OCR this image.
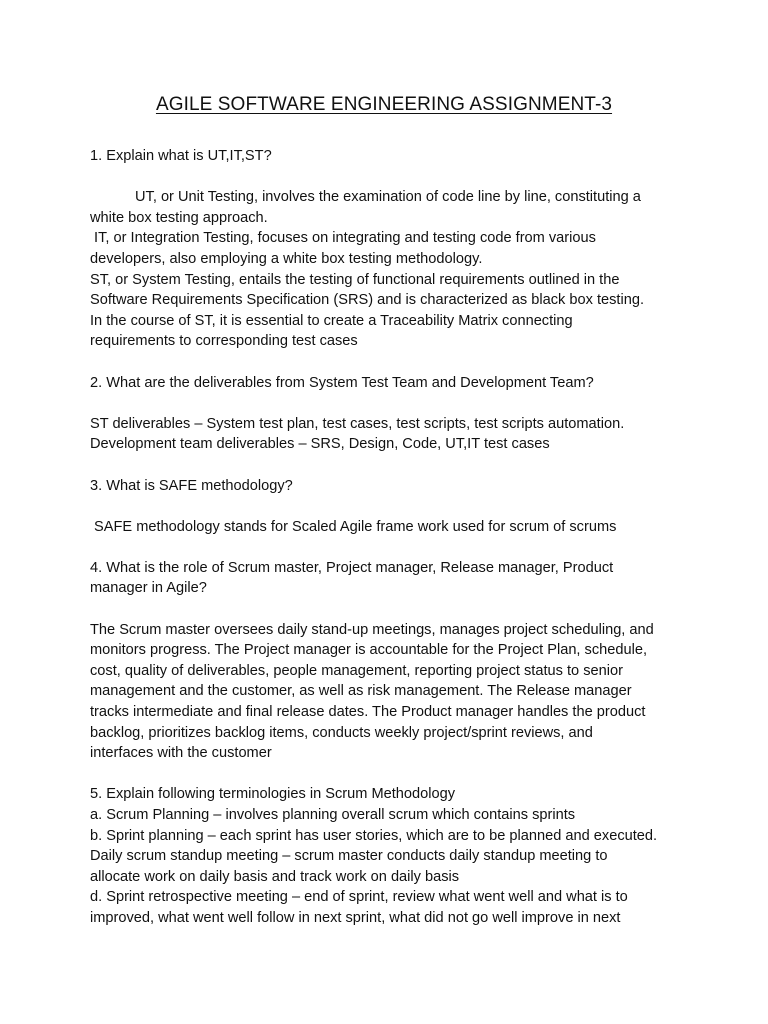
AGILE SOFTWARE ENGINEERING ASSIGNMENT-3

1. Explain what is UT,IT,ST?

UT, or Unit Testing, involves the examination of code line by line, constituting a

white box testing approach.

IT, or Integration Testing, focuses on integrating and testing code from various

developers, also employing a white box testing methodology.

ST, or System Testing, entails the testing of functional requirements outlined in the

Software Requirements Specification (SRS) and is characterized as black box testing.

In the course of ST, it is essential to create a Traceability Matrix connecting

requirements to corresponding test cases

2. What are the deliverables from System Test Team and Development Team?

ST deliverables – System test plan, test cases, test scripts, test scripts automation.

Development team deliverables – SRS, Design, Code, UT,IT test cases

3. What is SAFE methodology?

SAFE methodology stands for Scaled Agile frame work used for scrum of scrums

4. What is the role of Scrum master, Project manager, Release manager, Product

manager in Agile?

The Scrum master oversees daily stand-up meetings, manages project scheduling, and

monitors progress. The Project manager is accountable for the Project Plan, schedule,

cost, quality of deliverables, people management, reporting project status to senior

management and the customer, as well as risk management. The Release manager

tracks intermediate and final release dates. The Product manager handles the product

backlog, prioritizes backlog items, conducts weekly project/sprint reviews, and

interfaces with the customer

5. Explain following terminologies in Scrum Methodology

a. Scrum Planning – involves planning overall scrum which contains sprints

b. Sprint planning – each sprint has user stories, which are to be planned and executed.

Daily scrum standup meeting – scrum master conducts daily standup meeting to

allocate work on daily basis and track work on daily basis

d. Sprint retrospective meeting – end of sprint, review what went well and what is to

improved, what went well follow in next sprint, what did not go well improve in next
